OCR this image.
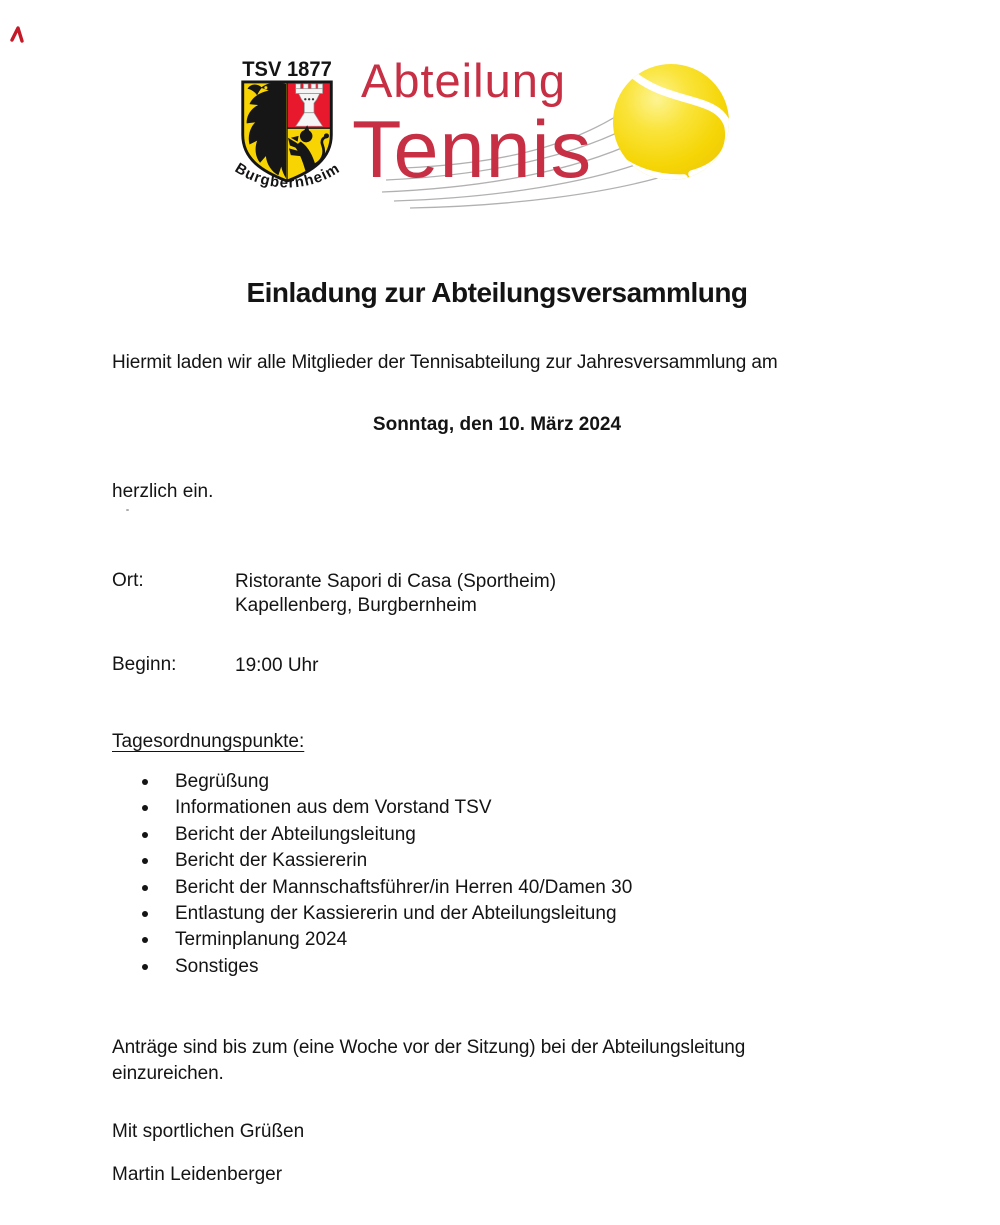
TSV 1877
Burgbernheim
Abteilung
Tennis
Einladung zur Abteilungsversammlung
Hiermit laden wir alle Mitglieder der Tennisabteilung zur Jahresversammlung am
Sonntag, den 10. März 2024
herzlich ein.
Ort:	Ristorante Sapori di Casa (Sportheim)
Kapellenberg, Burgbernheim
Beginn:	19:00 Uhr
Tagesordnungspunkte:
Begrüßung
Informationen aus dem Vorstand TSV
Bericht der Abteilungsleitung
Bericht der Kassiererin
Bericht der Mannschaftsführer/in Herren 40/Damen 30
Entlastung der Kassiererin und der Abteilungsleitung
Terminplanung 2024
Sonstiges
Anträge sind bis zum (eine Woche vor der Sitzung) bei der Abteilungsleitung einzureichen.
Mit sportlichen Grüßen
Martin Leidenberger
